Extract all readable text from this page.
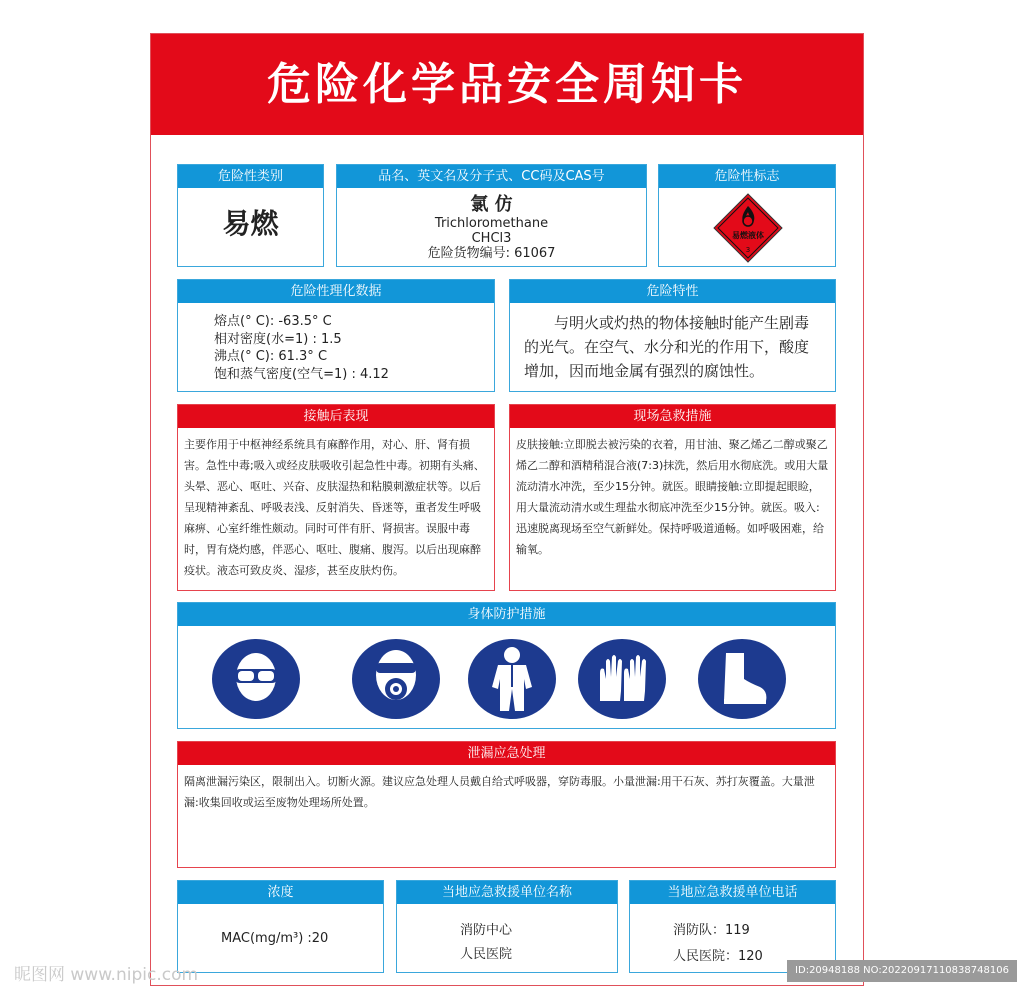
危险化学品安全周知卡
危险性类别
易燃
品名、英文名及分子式、CC码及CAS号
氯 仿
Trichloromethane
CHCl3
危险货物编号: 61067
危险性标志
易燃液体
3
危险性理化数据
熔点(° C): -63.5° C
相对密度(水=1) : 1.5
沸点(° C): 61.3° C
饱和蒸气密度(空气=1) : 4.12
危险特性
与明火或灼热的物体接触时能产生剧毒的光气。在空气、水分和光的作用下，酸度增加，因而地金属有强烈的腐蚀性。
接触后表现
主要作用于中枢神经系统具有麻醉作用，对心、肝、肾有损害。急性中毒;吸入或经皮肤吸收引起急性中毒。初期有头痛、头晕、恶心、呕吐、兴奋、皮肤湿热和粘膜刺激症状等。以后呈现精神紊乱、呼吸表浅、反射消失、昏迷等，重者发生呼吸麻痹、心室纤维性颇动。同时可伴有肝、肾损害。误服中毒时，胃有烧灼感，伴恶心、呕吐、腹痛、腹泻。以后出现麻醉疫状。液态可致皮炎、湿疹，甚至皮肤灼伤。
现场急救措施
皮肤接触:立即脱去被污染的衣着，用甘油、聚乙烯乙二醇或聚乙烯乙二醇和酒精稍混合液(7:3)抹洗，然后用水彻底洗。或用大量流动清水冲洗，至少15分钟。就医。眼睛接触:立即提起眼睑，用大量流动清水或生理盐水彻底冲洗至少15分钟。就医。吸入:迅速脱离现场至空气新鲜处。保持呼吸道通畅。如呼吸困难，给输氧。
身体防护措施
泄漏应急处理
隔离泄漏污染区，限制出入。切断火源。建议应急处理人员戴自给式呼吸器，穿防毒服。小量泄漏:用干石灰、苏打灰覆盖。大量泄漏:收集回收或运至废物处理场所处置。
浓度
MAC(mg/m³) :20
当地应急救援单位名称
消防中心
人民医院
当地应急救援单位电话
消防队：119
人民医院：120
昵图网 www.nipic.com	ID:20948188 NO:20220917110838748106
